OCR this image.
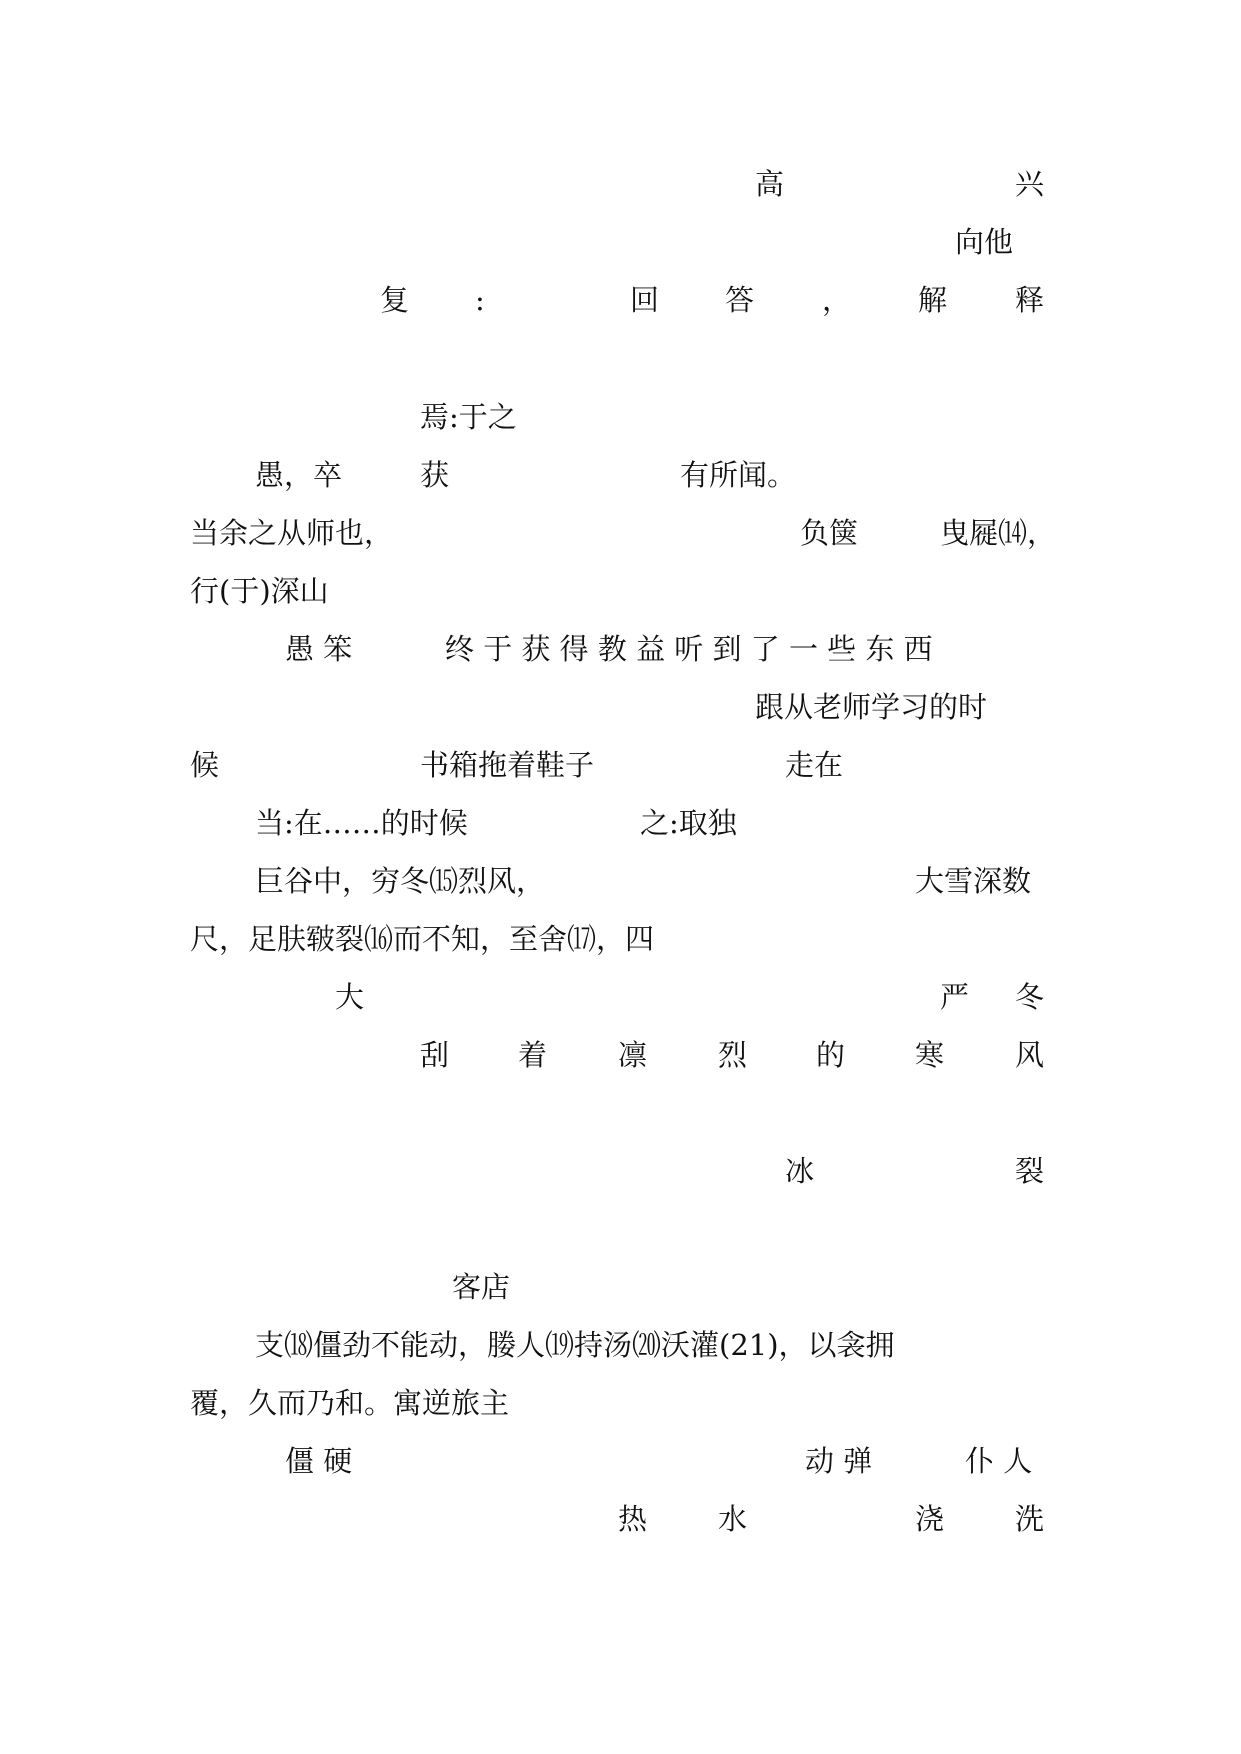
高	兴
向他
复 :	回 答 ， 解 释
焉:于之
愚，卒	获	有所闻。
当余之从师也，	负箧	曳屣⒁，
行(于)深山
愚 笨	终 于 获 得 教 益 听 到 了 一 些 东 西
跟从老师学习的时
候	书箱拖着鞋子	走在
当:在……的时候	之:取独
巨谷中，穷冬⒂烈风，	大雪深数
尺，足肤皲裂⒃而不知，至舍⒄，四
大	严 冬
刮 着 凛 烈 的 寒 风
冰	裂
客店
支⒅僵劲不能动，媵人⒆持汤⒇沃灌(21)，以衾拥
覆，久而乃和。寓逆旅主
僵 硬	动 弹	仆 人
热 水	浇 洗
